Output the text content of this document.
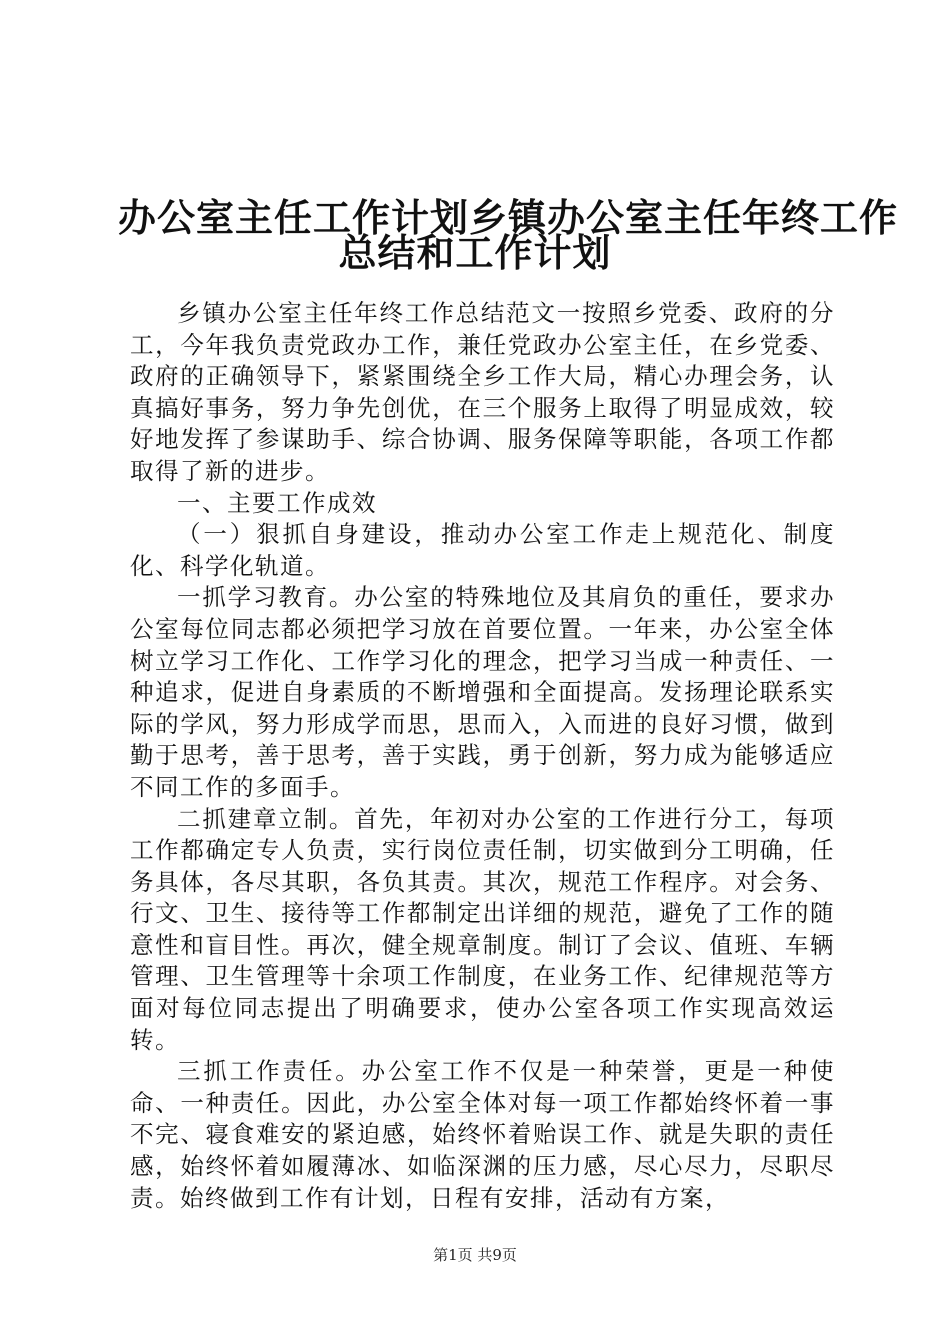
办公室主任工作计划乡镇办公室主任年终工作
总结和工作计划

乡镇办公室主任年终工作总结范文一按照乡党委、政府的分工，今年我负责党政办工作，兼任党政办公室主任，在乡党委、政府的正确领导下，紧紧围绕全乡工作大局，精心办理会务，认真搞好事务，努力争先创优，在三个服务上取得了明显成效，较好地发挥了参谋助手、综合协调、服务保障等职能，各项工作都取得了新的进步。

一、主要工作成效

（一）狠抓自身建设，推动办公室工作走上规范化、制度化、科学化轨道。

一抓学习教育。办公室的特殊地位及其肩负的重任，要求办公室每位同志都必须把学习放在首要位置。一年来，办公室全体树立学习工作化、工作学习化的理念，把学习当成一种责任、一种追求，促进自身素质的不断增强和全面提高。发扬理论联系实际的学风，努力形成学而思，思而入，入而进的良好习惯，做到勤于思考，善于思考，善于实践，勇于创新，努力成为能够适应不同工作的多面手。

二抓建章立制。首先，年初对办公室的工作进行分工，每项工作都确定专人负责，实行岗位责任制，切实做到分工明确，任务具体，各尽其职，各负其责。其次，规范工作程序。对会务、行文、卫生、接待等工作都制定出详细的规范，避免了工作的随意性和盲目性。再次，健全规章制度。制订了会议、值班、车辆管理、卫生管理等十余项工作制度，在业务工作、纪律规范等方面对每位同志提出了明确要求，使办公室各项工作实现高效运转。

三抓工作责任。办公室工作不仅是一种荣誉，更是一种使命、一种责任。因此，办公室全体对每一项工作都始终怀着一事不完、寝食难安的紧迫感，始终怀着贻误工作、就是失职的责任感，始终怀着如履薄冰、如临深渊的压力感，尽心尽力，尽职尽责。始终做到工作有计划，日程有安排，活动有方案，

第1页 共9页
